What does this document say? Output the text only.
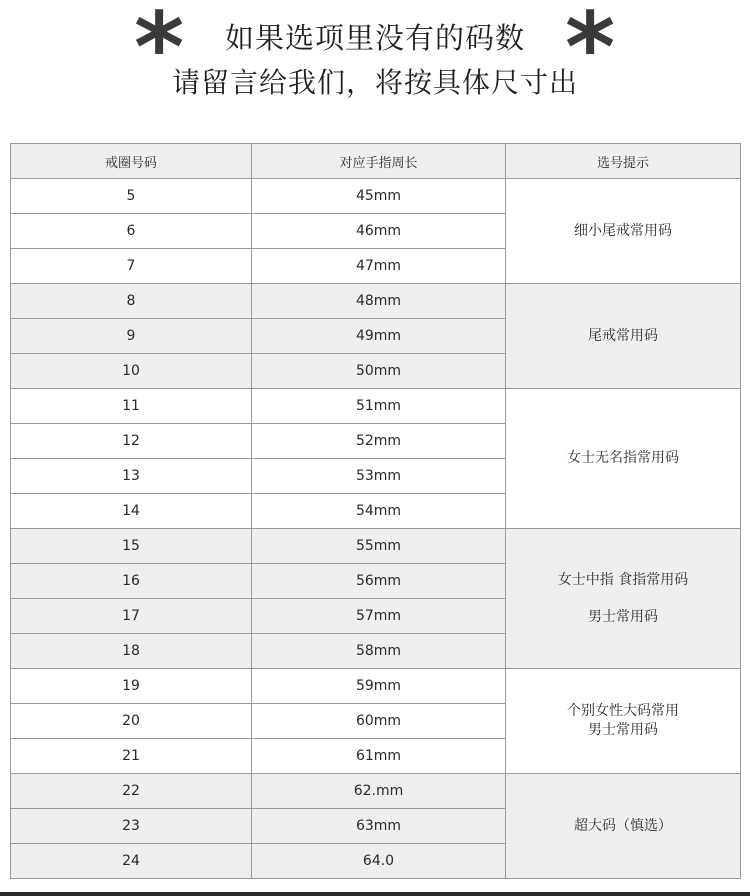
*	*
如果选项里没有的码数
请留言给我们，将按具体尺寸出
戒圈号码	对应手指周长	选号提示
5	45mm	细小尾戒常用码

6	46mm	
7	47mm	
8	48mm	尾戒常用码

9	49mm	
10	50mm	
11	51mm	女士无名指常用码

12	52mm	
13	53mm	
14	54mm	
15	55mm	女士中指 食指常用码
男士常用码

16	56mm	
17	57mm	
18	58mm	
19	59mm	个别女性大码常用
男士常用码

20	60mm	
21	61mm	
22	62.mm	超大码（慎选）

23	63mm	
24	64.0	
